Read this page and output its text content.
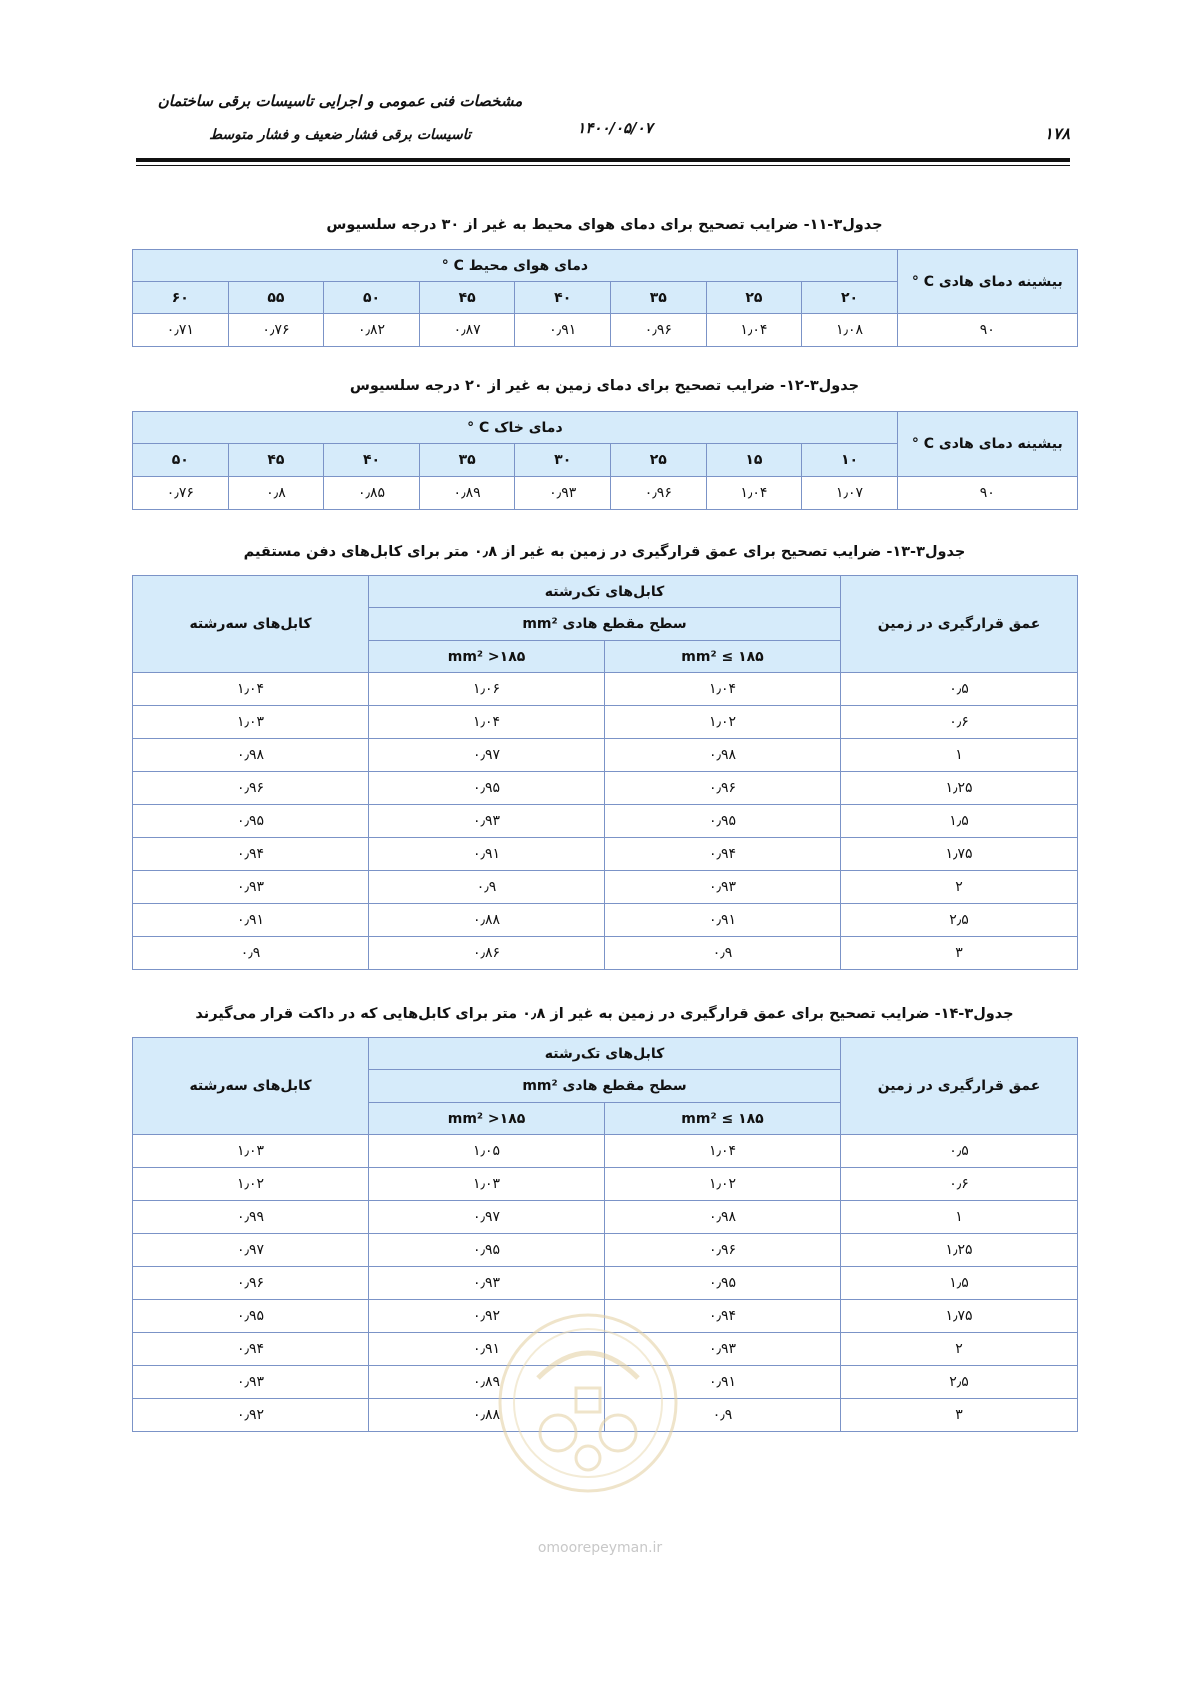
مشخصات فنی عمومی و اجرایی تاسیسات برقی ساختمان
تاسیسات برقی فشار ضعیف و فشار متوسط	۱۴۰۰/۰۵/۰۷	۱۷۸
جدول۳-۱۱- ضرایب تصحیح برای دمای هوای محیط به غیر از ۳۰ درجه سلسیوس
بیشینه دمای هادی C °	دمای هوای محیط C °							
	۲۰	۲۵	۳۵	۴۰	۴۵	۵۰	۵۵	۶۰
۹۰	۱٫۰۸	۱٫۰۴	۰٫۹۶	۰٫۹۱	۰٫۸۷	۰٫۸۲	۰٫۷۶	۰٫۷۱
جدول۳-۱۲- ضرایب تصحیح برای دمای زمین به غیر از ۲۰ درجه سلسیوس
بیشینه دمای هادی C °	دمای خاک C °							
	۱۰	۱۵	۲۵	۳۰	۳۵	۴۰	۴۵	۵۰
۹۰	۱٫۰۷	۱٫۰۴	۰٫۹۶	۰٫۹۳	۰٫۸۹	۰٫۸۵	۰٫۸	۰٫۷۶
جدول۳-۱۳- ضرایب تصحیح برای عمق قرارگیری در زمین به غیر از ۰٫۸ متر برای کابل‌های دفن مستقیم
عمق قرارگیری در زمین	کابل‌های تک‌رشته		کابل‌های سه‌رشته
	سطح مقطع هادی mm²		
	mm² ≤ ۱۸۵	mm² >۱۸۵	
۰٫۵	۱٫۰۴	۱٫۰۶	۱٫۰۴
۰٫۶	۱٫۰۲	۱٫۰۴	۱٫۰۳
۱	۰٫۹۸	۰٫۹۷	۰٫۹۸
۱٫۲۵	۰٫۹۶	۰٫۹۵	۰٫۹۶
۱٫۵	۰٫۹۵	۰٫۹۳	۰٫۹۵
۱٫۷۵	۰٫۹۴	۰٫۹۱	۰٫۹۴
۲	۰٫۹۳	۰٫۹	۰٫۹۳
۲٫۵	۰٫۹۱	۰٫۸۸	۰٫۹۱
۳	۰٫۹	۰٫۸۶	۰٫۹
جدول۳-۱۴- ضرایب تصحیح برای عمق قرارگیری در زمین به غیر از ۰٫۸ متر برای کابل‌هایی که در داکت قرار می‌گیرند
عمق قرارگیری در زمین	کابل‌های تک‌رشته		کابل‌های سه‌رشته
	سطح مقطع هادی mm²		
	mm² ≤ ۱۸۵	mm² >۱۸۵	
۰٫۵	۱٫۰۴	۱٫۰۵	۱٫۰۳
۰٫۶	۱٫۰۲	۱٫۰۳	۱٫۰۲
۱	۰٫۹۸	۰٫۹۷	۰٫۹۹
۱٫۲۵	۰٫۹۶	۰٫۹۵	۰٫۹۷
۱٫۵	۰٫۹۵	۰٫۹۳	۰٫۹۶
۱٫۷۵	۰٫۹۴	۰٫۹۲	۰٫۹۵
۲	۰٫۹۳	۰٫۹۱	۰٫۹۴
۲٫۵	۰٫۹۱	۰٫۸۹	۰٫۹۳
۳	۰٫۹	۰٫۸۸	۰٫۹۲
omoorepeyman.ir
